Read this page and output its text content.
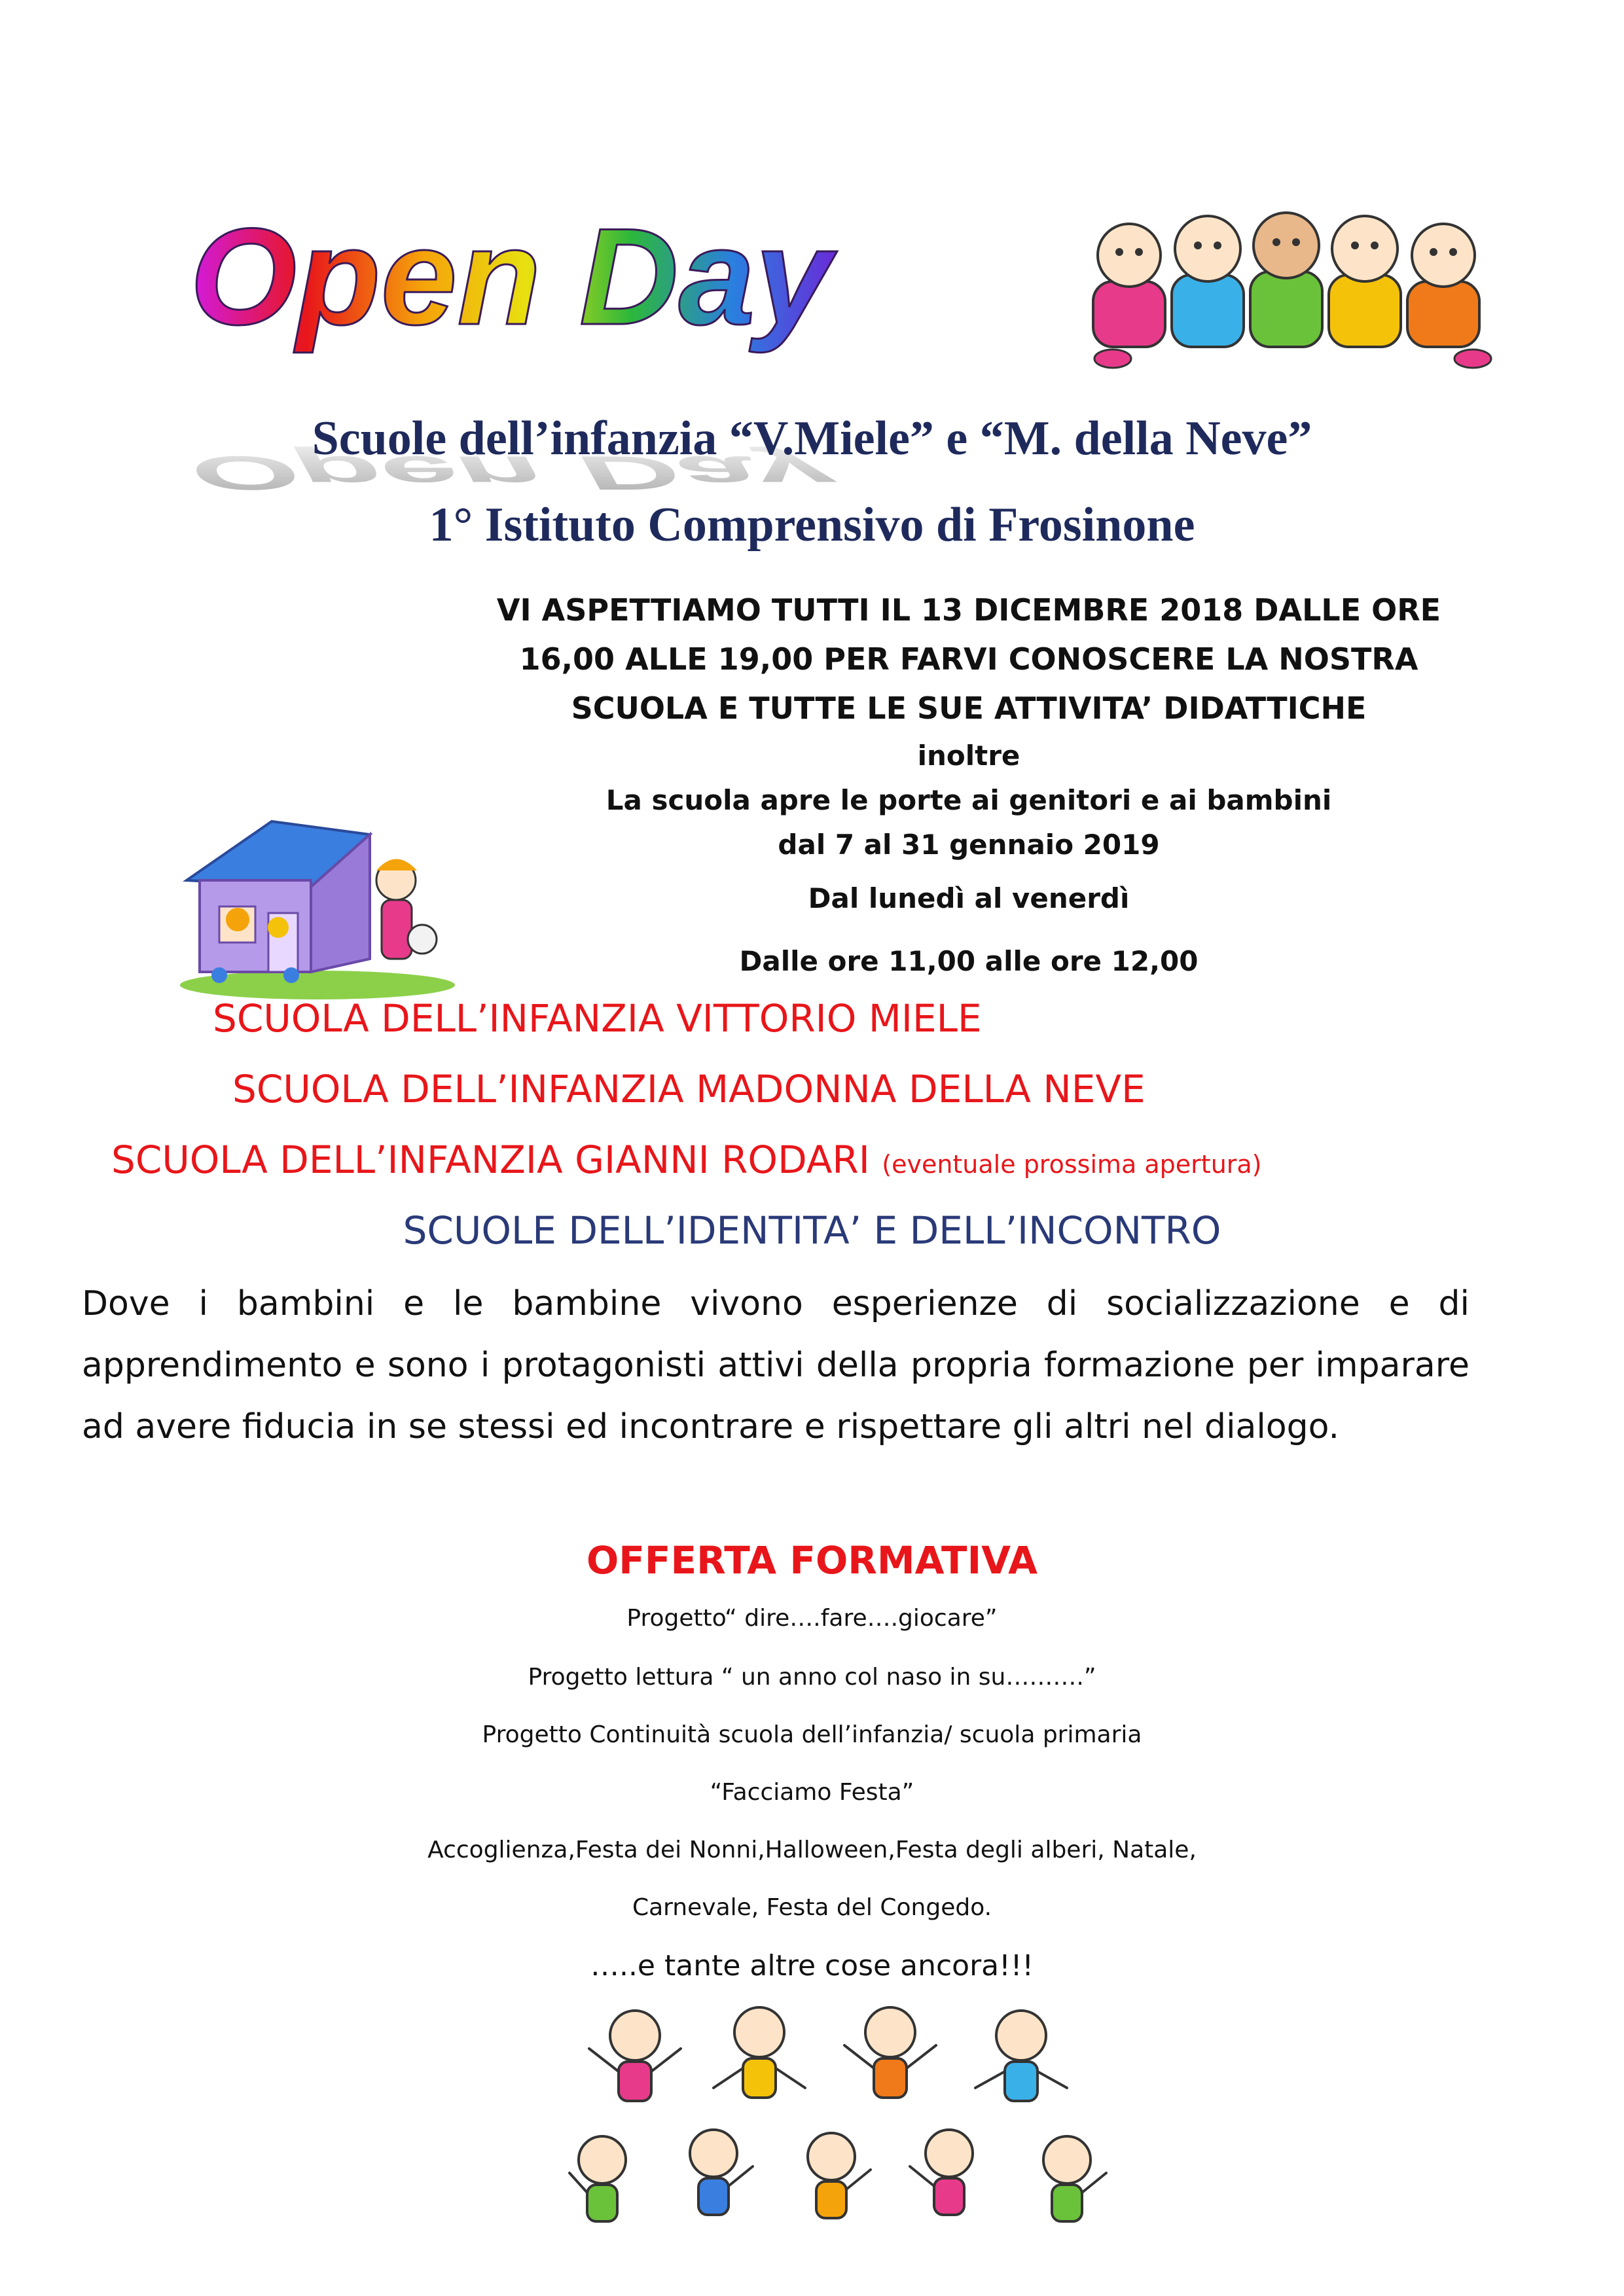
Open Day
Open Day
Scuole dell’infanzia “V.Miele” e “M. della Neve”
1° Istituto Comprensivo di Frosinone
VI ASPETTIAMO TUTTI IL 13 DICEMBRE 2018 DALLE ORE
16,00 ALLE 19,00 PER FARVI CONOSCERE LA NOSTRA
SCUOLA E TUTTE LE SUE ATTIVITA’ DIDATTICHE
inoltre
La scuola apre le porte ai genitori e ai bambini
dal 7 al 31 gennaio 2019
Dal lunedì al venerdì
Dalle ore 11,00 alle ore 12,00
SCUOLA DELL’INFANZIA VITTORIO MIELE
SCUOLA DELL’INFANZIA MADONNA DELLA NEVE
SCUOLA DELL’INFANZIA GIANNI RODARI (eventuale prossima apertura)
SCUOLE DELL’IDENTITA’ E DELL’INCONTRO
Dove i bambini e le bambine vivono esperienze di socializzazione e di apprendimento e sono i protagonisti attivi della propria formazione per imparare ad avere fiducia in se stessi ed incontrare e rispettare gli altri nel dialogo.
OFFERTA FORMATIVA
Progetto“ dire….fare….giocare”
Progetto lettura “ un anno col naso in su……….”
Progetto Continuità scuola dell’infanzia/ scuola primaria
“Facciamo Festa”
Accoglienza,Festa dei Nonni,Halloween,Festa degli alberi, Natale,
Carnevale, Festa del Congedo.
…..e tante altre cose ancora!!!
